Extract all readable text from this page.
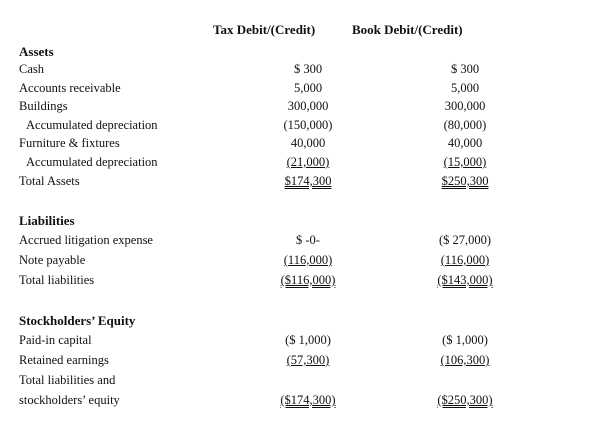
Tax Debit/(Credit)	Book Debit/(Credit)
Assets
Cash	$ 300	$ 300
Accounts receivable	5,000	5,000
Buildings	300,000	300,000
Accumulated depreciation	(150,000)	(80,000)
Furniture & fixtures	40,000	40,000
Accumulated depreciation	(21,000)	(15,000)
Total Assets	$174,300	$250,300
Liabilities
Accrued litigation expense	$ -0-	($ 27,000)
Note payable	(116,000)	(116,000)
Total liabilities	($116,000)	($143,000)
Stockholders’ Equity
Paid-in capital	($ 1,000)	($ 1,000)
Retained earnings	(57,300)	(106,300)
Total liabilities and
stockholders’ equity	($174,300)	($250,300)
